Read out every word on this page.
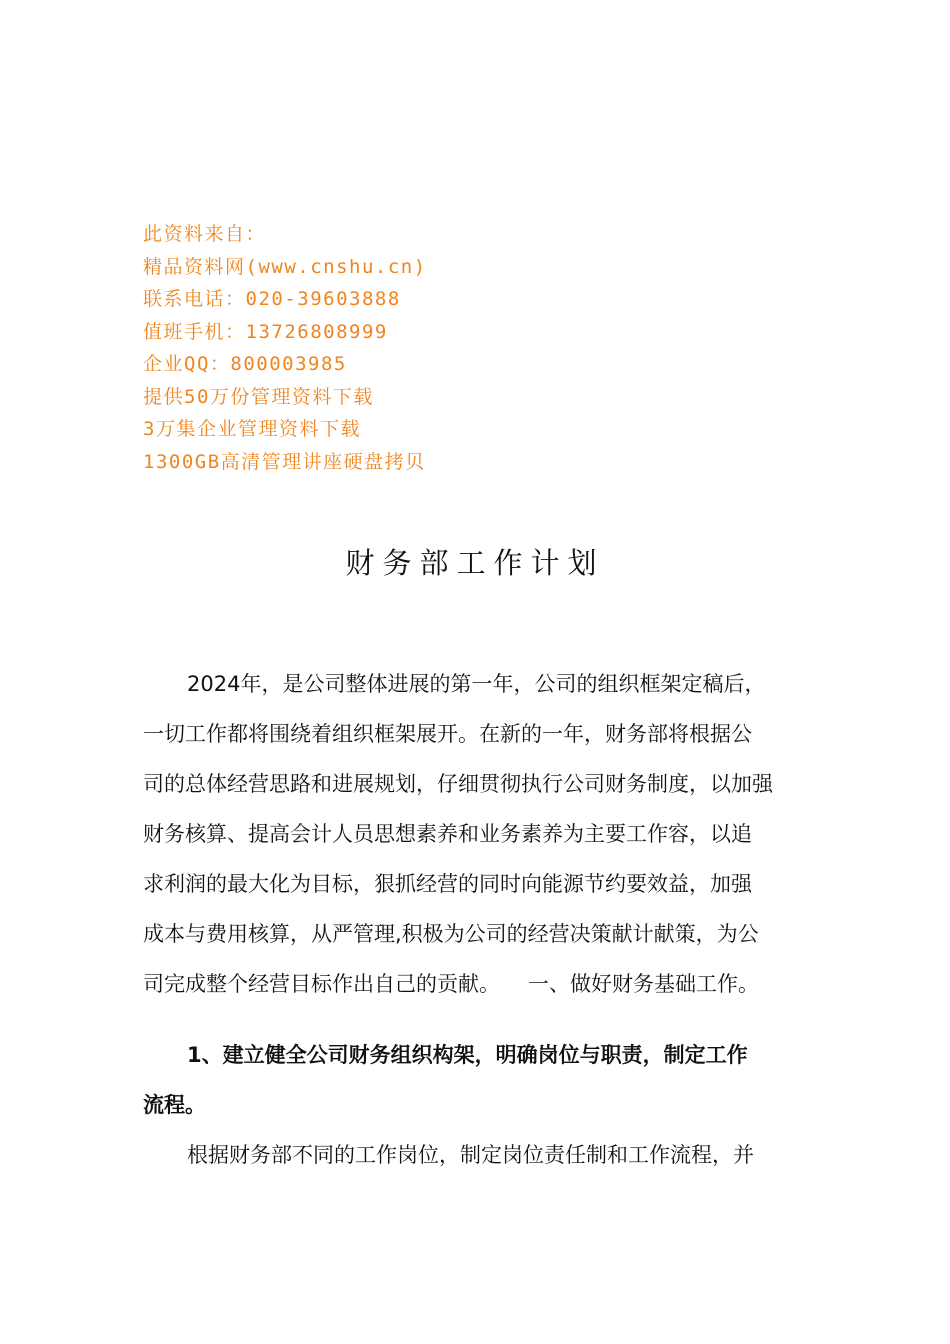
此资料来自：
精品资料网(www.cnshu.cn)
联系电话：020-39603888
值班手机：13726808999
企业QQ：800003985
提供50万份管理资料下载
3万集企业管理资料下载
1300GB高清管理讲座硬盘拷贝
财务部工作计划
2024年，是公司整体进展的第一年，公司的组织框架定稿后，
一切工作都将围绕着组织框架展开。在新的一年，财务部将根据公
司的总体经营思路和进展规划，仔细贯彻执行公司财务制度，以加强
财务核算、提高会计人员思想素养和业务素养为主要工作容，以追
求利润的最大化为目标，狠抓经营的同时向能源节约要效益，加强
成本与费用核算，从严管理,积极为公司的经营决策献计献策，为公
司完成整个经营目标作出自己的贡献。 一、做好财务基础工作。
1、建立健全公司财务组织构架，明确岗位与职责，制定工作
流程。
根据财务部不同的工作岗位，制定岗位责任制和工作流程，并
